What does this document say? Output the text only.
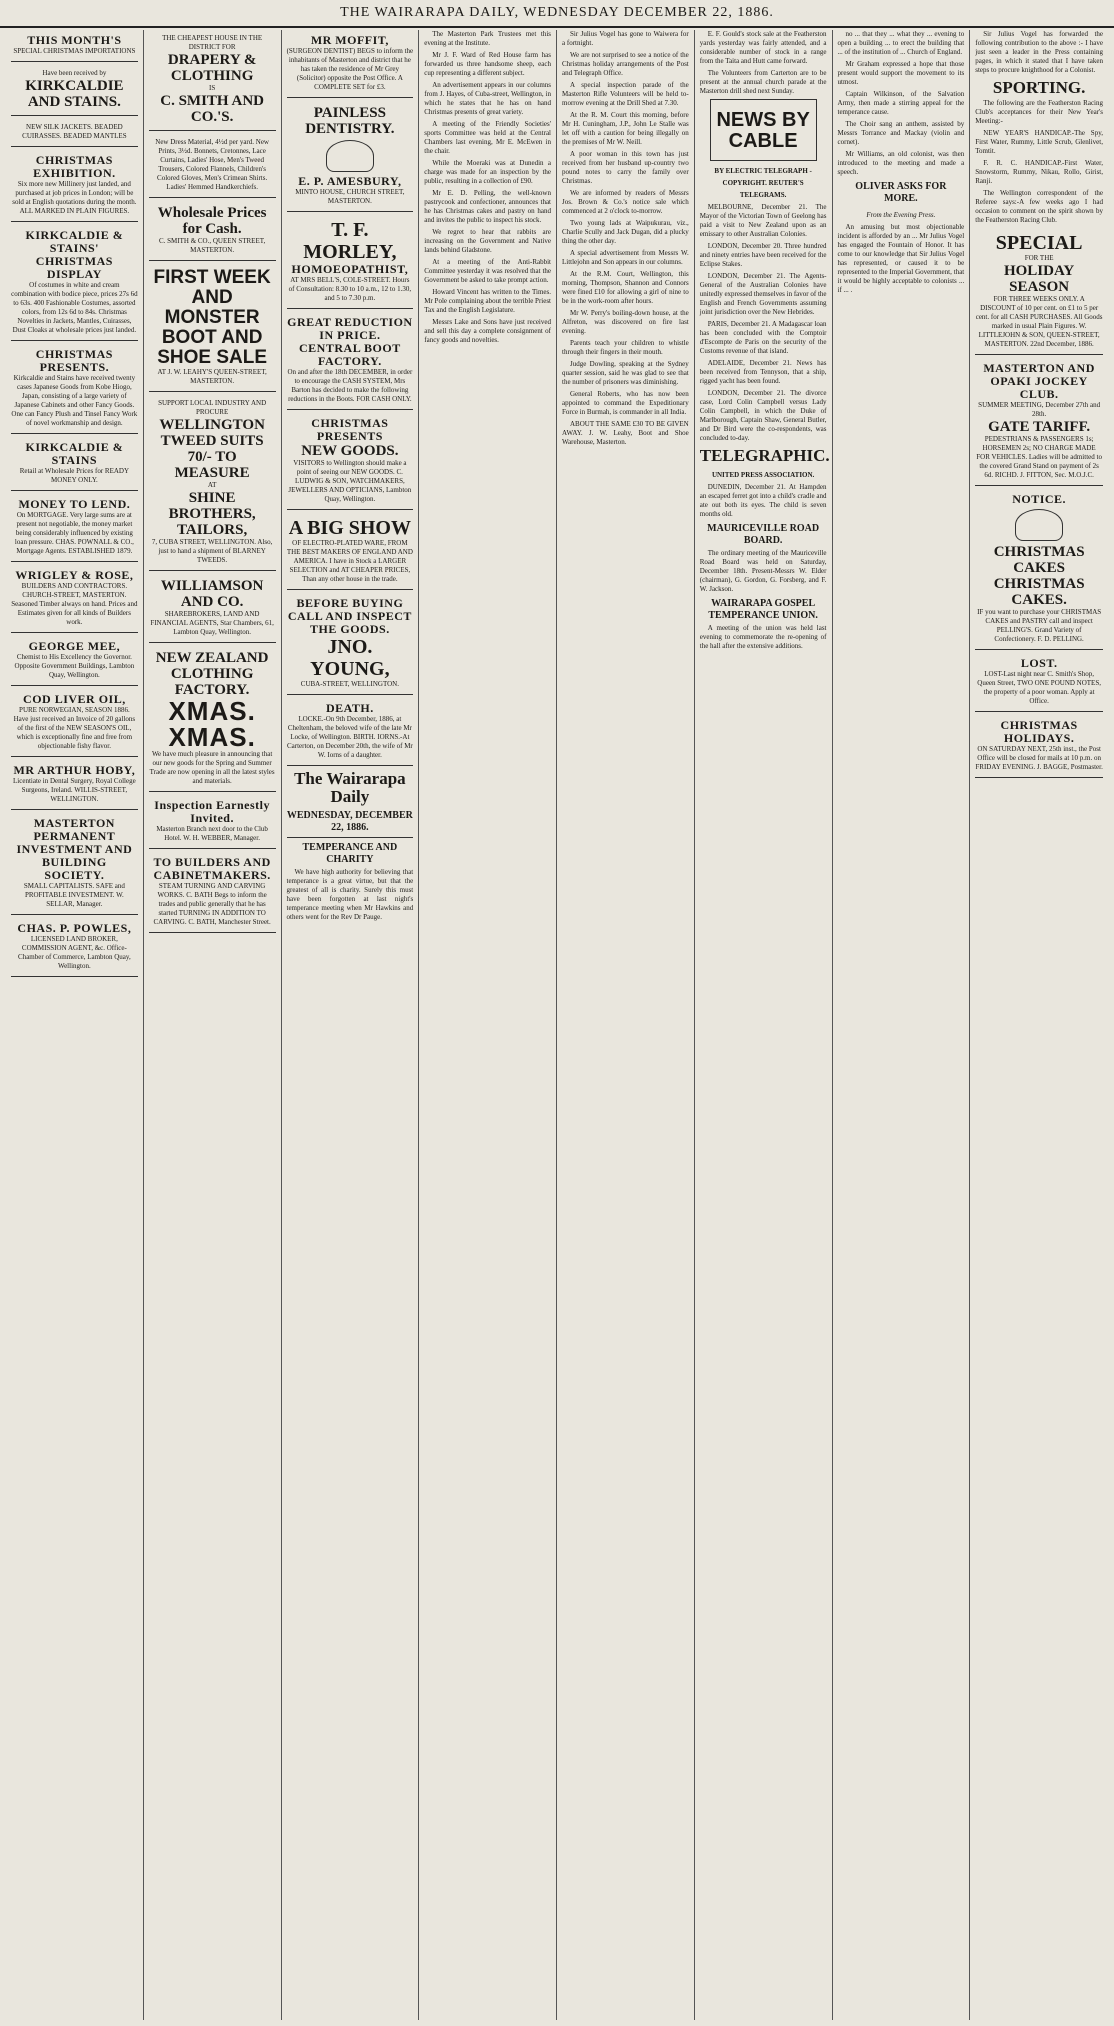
THE WAIRARAPA DAILY, WEDNESDAY DECEMBER 22, 1886.
THIS MONTH'S
SPECIAL CHRISTMAS IMPORTATIONS
Have been received by
KIRKCALDIE AND STAINS.
NEW SILK JACKETS. BEADED CUIRASSES. BEADED MANTLES
CHRISTMAS EXHIBITION.
Six more new Millinery just landed, and purchased at job prices in London; will be sold at English quotations during the month. ALL MARKED IN PLAIN FIGURES.
KIRKCALDIE & STAINS' CHRISTMAS DISPLAY
Of costumes in white and cream combination with bodice piece, prices 27s 6d to 63s. 400 Fashionable Costumes, assorted colors, from 12s 6d to 84s. Christmas Novelties in Jackets, Mantles, Cuirasses, Dust Cloaks at wholesale prices just landed.
CHRISTMAS PRESENTS.
Kirkcaldie and Stains have received twenty cases Japanese Goods from Kobe Hiogo, Japan, consisting of a large variety of Japanese Cabinets and other Fancy Goods. One can Fancy Plush and Tinsel Fancy Work of novel workmanship and design.
KIRKCALDIE & STAINS
Retail at Wholesale Prices for READY MONEY ONLY.
MONEY TO LEND.
On MORTGAGE. Very large sums are at present not negotiable, the money market being considerably influenced by existing loan pressure. CHAS. POWNALL & CO., Mortgage Agents. ESTABLISHED 1879.
WRIGLEY & ROSE,
BUILDERS AND CONTRACTORS. CHURCH-STREET, MASTERTON. Seasoned Timber always on hand. Prices and Estimates given for all kinds of Builders work.
GEORGE MEE,
Chemist to His Excellency the Governor. Opposite Government Buildings, Lambton Quay, Wellington.
COD LIVER OIL,
PURE NORWEGIAN, SEASON 1886. Have just received an Invoice of 20 gallons of the first of the NEW SEASON'S OIL, which is exceptionally fine and free from objectionable fishy flavor.
MR ARTHUR HOBY,
Licentiate in Dental Surgery, Royal College Surgeons, Ireland. WILLIS-STREET, WELLINGTON.
MASTERTON PERMANENT INVESTMENT AND BUILDING SOCIETY.
SMALL CAPITALISTS. SAFE and PROFITABLE INVESTMENT. W. SELLAR, Manager.
CHAS. P. POWLES,
LICENSED LAND BROKER, COMMISSION AGENT, &c. Office-Chamber of Commerce, Lambton Quay, Wellington.
THE CHEAPEST HOUSE IN THE DISTRICT FOR
DRAPERY & CLOTHING
IS
C. SMITH AND CO.'S.
New Dress Material, 4½d per yard. New Prints, 3½d. Bonnets, Cretonnes, Lace Curtains, Ladies' Hose, Men's Tweed Trousers, Colored Flannels, Children's Colored Gloves, Men's Crimean Shirts. Ladies' Hemmed Handkerchiefs.
Wholesale Prices for Cash.
C. SMITH & CO., QUEEN STREET, MASTERTON.
FIRST WEEK AND MONSTER BOOT AND SHOE SALE
AT J. W. LEAHY'S QUEEN-STREET, MASTERTON.
SUPPORT LOCAL INDUSTRY AND PROCURE
WELLINGTON TWEED SUITS 70/- TO MEASURE
AT
SHINE BROTHERS, TAILORS,
7, CUBA STREET, WELLINGTON. Also, just to hand a shipment of BLARNEY TWEEDS.
WILLIAMSON AND CO.
SHAREBROKERS, LAND AND FINANCIAL AGENTS, Star Chambers, 61, Lambton Quay, Wellington.
NEW ZEALAND CLOTHING FACTORY.
XMAS. XMAS.
We have much pleasure in announcing that our new goods for the Spring and Summer Trade are now opening in all the latest styles and materials.
Inspection Earnestly Invited.
Masterton Branch next door to the Club Hotel. W. H. WEBBER, Manager.
TO BUILDERS AND CABINETMAKERS.
STEAM TURNING AND CARVING WORKS. C. BATH Begs to inform the trades and public generally that he has started TURNING IN ADDITION TO CARVING. C. BATH, Manchester Street.
MR MOFFIT,
(SURGEON DENTIST) BEGS to inform the inhabitants of Masterton and district that he has taken the residence of Mr Grey (Solicitor) opposite the Post Office. A COMPLETE SET for £3.
PAINLESS DENTISTRY.
E. P. AMESBURY,
MINTO HOUSE, CHURCH STREET, MASTERTON.
T. F. MORLEY,
HOMOEOPATHIST,
AT MRS BELL'S, COLE-STREET. Hours of Consultation: 8.30 to 10 a.m., 12 to 1.30, and 5 to 7.30 p.m.
GREAT REDUCTION IN PRICE. CENTRAL BOOT FACTORY.
On and after the 18th DECEMBER, in order to encourage the CASH SYSTEM, Mrs Barton has decided to make the following reductions in the Boots. FOR CASH ONLY.
CHRISTMAS PRESENTS
NEW GOODS.
VISITORS to Wellington should make a point of seeing our NEW GOODS. C. LUDWIG & SON, WATCHMAKERS, JEWELLERS AND OPTICIANS, Lambton Quay, Wellington.
A BIG SHOW
OF ELECTRO-PLATED WARE, FROM THE BEST MAKERS OF ENGLAND AND AMERICA. I have in Stock a LARGER SELECTION and AT CHEAPER PRICES, Than any other house in the trade.
BEFORE BUYING CALL AND INSPECT THE GOODS.
JNO. YOUNG,
CUBA-STREET, WELLINGTON.
DEATH.
LOCKE.-On 9th December, 1886, at Cheltenham, the beloved wife of the late Mr Locke, of Wellington. BIRTH. IORNS.-At Carterton, on December 20th, the wife of Mr W. Iorns of a daughter.
The Wairarapa Daily
WEDNESDAY, DECEMBER 22, 1886.
TEMPERANCE AND CHARITY

We have high authority for believing that temperance is a great virtue, but that the greatest of all is charity. Surely this must have been forgotten at last night's temperance meeting when Mr Hawkins and others went for the Rev Dr Pauge.

The Masterton Park Trustees met this evening at the Institute.

Mr J. F. Ward of Red House farm has forwarded us three handsome sheep, each cup representing a different subject.

An advertisement appears in our columns from J. Hayes, of Cuba-street, Wellington, in which he states that he has on hand Christmas presents of great variety.

A meeting of the Friendly Societies' sports Committee was held at the Central Chambers last evening, Mr E. McEwen in the chair.

While the Moeraki was at Dunedin a charge was made for an inspection by the public, resulting in a collection of £90.

Mr E. D. Pelling, the well-known pastrycook and confectioner, announces that he has Christmas cakes and pastry on hand and invites the public to inspect his stock.

We regret to hear that rabbits are increasing on the Government and Native lands behind Gladstone.

At a meeting of the Anti-Rabbit Committee yesterday it was resolved that the Government be asked to take prompt action.

Howard Vincent has written to the Times. Mr Pole complaining about the terrible Priest Tax and the English Legislature.

Messrs Lake and Sons have just received and sell this day a complete consignment of fancy goods and novelties.

Sir Julius Vogel has gone to Waiwera for a fortnight.

We are not surprised to see a notice of the Christmas holiday arrangements of the Post and Telegraph Office.

A special inspection parade of the Masterton Rifle Volunteers will be held to-morrow evening at the Drill Shed at 7.30.

At the R. M. Court this morning, before Mr H. Cuningham, J.P., John Le Stalle was let off with a caution for being illegally on the premises of Mr W. Neill.

A poor woman in this town has just received from her husband up-country two pound notes to carry the family over Christmas.

We are informed by readers of Messrs Jos. Brown & Co.'s notice sale which commenced at 2 o'clock to-morrow.

Two young lads at Waipukurau, viz., Charlie Scully and Jack Dugan, did a plucky thing the other day.

A special advertisement from Messrs W. Littlejohn and Son appears in our columns.

At the R.M. Court, Wellington, this morning, Thompson, Shannon and Connors were fined £10 for allowing a girl of nine to be in the work-room after hours.

Mr W. Perry's boiling-down house, at the Alfreton, was discovered on fire last evening.

Parents teach your children to whistle through their fingers in their mouth.

Judge Dowling, speaking at the Sydney quarter session, said he was glad to see that the number of prisoners was diminishing.

General Roberts, who has now been appointed to command the Expeditionary Force in Burmah, is commander in all India.

ABOUT THE SAME £30 TO BE GIVEN AWAY. J. W. Leahy, Boot and Shoe Warehouse, Masterton.

E. F. Gould's stock sale at the Featherston yards yesterday was fairly attended, and a considerable number of stock in a range from the Taita and Hutt came forward.

The Volunteers from Carterton are to be present at the annual church parade at the Masterton drill shed next Sunday.

NEWS BY CABLE
BY ELECTRIC TELEGRAPH - COPYRIGHT. REUTER'S TELEGRAMS.

MELBOURNE, December 21. The Mayor of the Victorian Town of Geelong has paid a visit to New Zealand upon as an emissary to other Australian Colonies.

LONDON, December 20. Three hundred and ninety entries have been received for the Eclipse Stakes.

LONDON, December 21. The Agents-General of the Australian Colonies have unitedly expressed themselves in favor of the English and French Governments assuming joint jurisdiction over the New Hebrides.

PARIS, December 21. A Madagascar loan has been concluded with the Comptoir d'Escompte de Paris on the security of the Customs revenue of that island.

ADELAIDE, December 21. News has been received from Tennyson, that a ship, rigged yacht has been found.

LONDON, December 21. The divorce case, Lord Colin Campbell versus Lady Colin Campbell, in which the Duke of Marlborough, Captain Shaw, General Butler, and Dr Bird were the co-respondents, was concluded to-day.

TELEGRAPHIC.
UNITED PRESS ASSOCIATION.

DUNEDIN, December 21. At Hampden an escaped ferret got into a child's cradle and ate out both its eyes. The child is seven months old.

MAURICEVILLE ROAD BOARD.

The ordinary meeting of the Mauriceville Road Board was held on Saturday, December 18th. Present-Messrs W. Elder (chairman), G. Gordon, G. Forsberg, and F. W. Jackson.

WAIRARAPA GOSPEL TEMPERANCE UNION.

A meeting of the union was held last evening to commemorate the re-opening of the hall after the extensive additions.

no ... that they ... what they ... evening to open a building ... to erect the building that ... of the institution of ... Church of England.

Mr Graham expressed a hope that those present would support the movement to its utmost.

Captain Wilkinson, of the Salvation Army, then made a stirring appeal for the temperance cause.

The Choir sang an anthem, assisted by Messrs Torrance and Mackay (violin and cornet).

Mr Williams, an old colonist, was then introduced to the meeting and made a speech.

OLIVER ASKS FOR MORE.
From the Evening Press.

An amusing but most objectionable incident is afforded by an ... Mr Julius Vogel has engaged the Fountain of Honor. It has come to our knowledge that Sir Julius Vogel has represented, or caused it to be represented to the Imperial Government, that it would be highly acceptable to colonists ... if ... .

Sir Julius Vogel has forwarded the following contribution to the above :- I have just seen a leader in the Press containing pages, in which it stated that I have taken steps to procure knighthood for a Colonist.

SPORTING.

The following are the Featherston Racing Club's acceptances for their New Year's Meeting:-

NEW YEAR'S HANDICAP.-The Spy, First Water, Rummy, Little Scrub, Glenlivet, Tomtit.

F. R. C. HANDICAP.-First Water, Snowstorm, Rummy, Nikau, Rollo, Girist, Ranji.

The Wellington correspondent of the Referee says:-A few weeks ago I had occasion to comment on the spirit shown by the Featherston Racing Club.

SPECIAL
FOR THE
HOLIDAY SEASON
FOR THREE WEEKS ONLY. A DISCOUNT of 10 per cent. on £1 to 5 per cent. for all CASH PURCHASES. All Goods marked in usual Plain Figures. W. LITTLEJOHN & SON, QUEEN-STREET, MASTERTON. 22nd December, 1886.
MASTERTON AND OPAKI JOCKEY CLUB.
SUMMER MEETING, December 27th and 28th.
GATE TARIFF.
PEDESTRIANS & PASSENGERS 1s; HORSEMEN 2s; NO CHARGE MADE FOR VEHICLES. Ladies will be admitted to the covered Grand Stand on payment of 2s 6d. RICHD. J. FITTON, Sec. M.O.J.C.
NOTICE.
CHRISTMAS CAKES CHRISTMAS CAKES.
IF you want to purchase your CHRISTMAS CAKES and PASTRY call and inspect PELLING'S. Grand Variety of Confectionery. F. D. PELLING.
LOST.
LOST-Last night near C. Smith's Shop, Queen Street, TWO ONE POUND NOTES, the property of a poor woman. Apply at Office.
CHRISTMAS HOLIDAYS.
ON SATURDAY NEXT, 25th inst., the Post Office will be closed for mails at 10 p.m. on FRIDAY EVENING. J. BAGGE, Postmaster.
